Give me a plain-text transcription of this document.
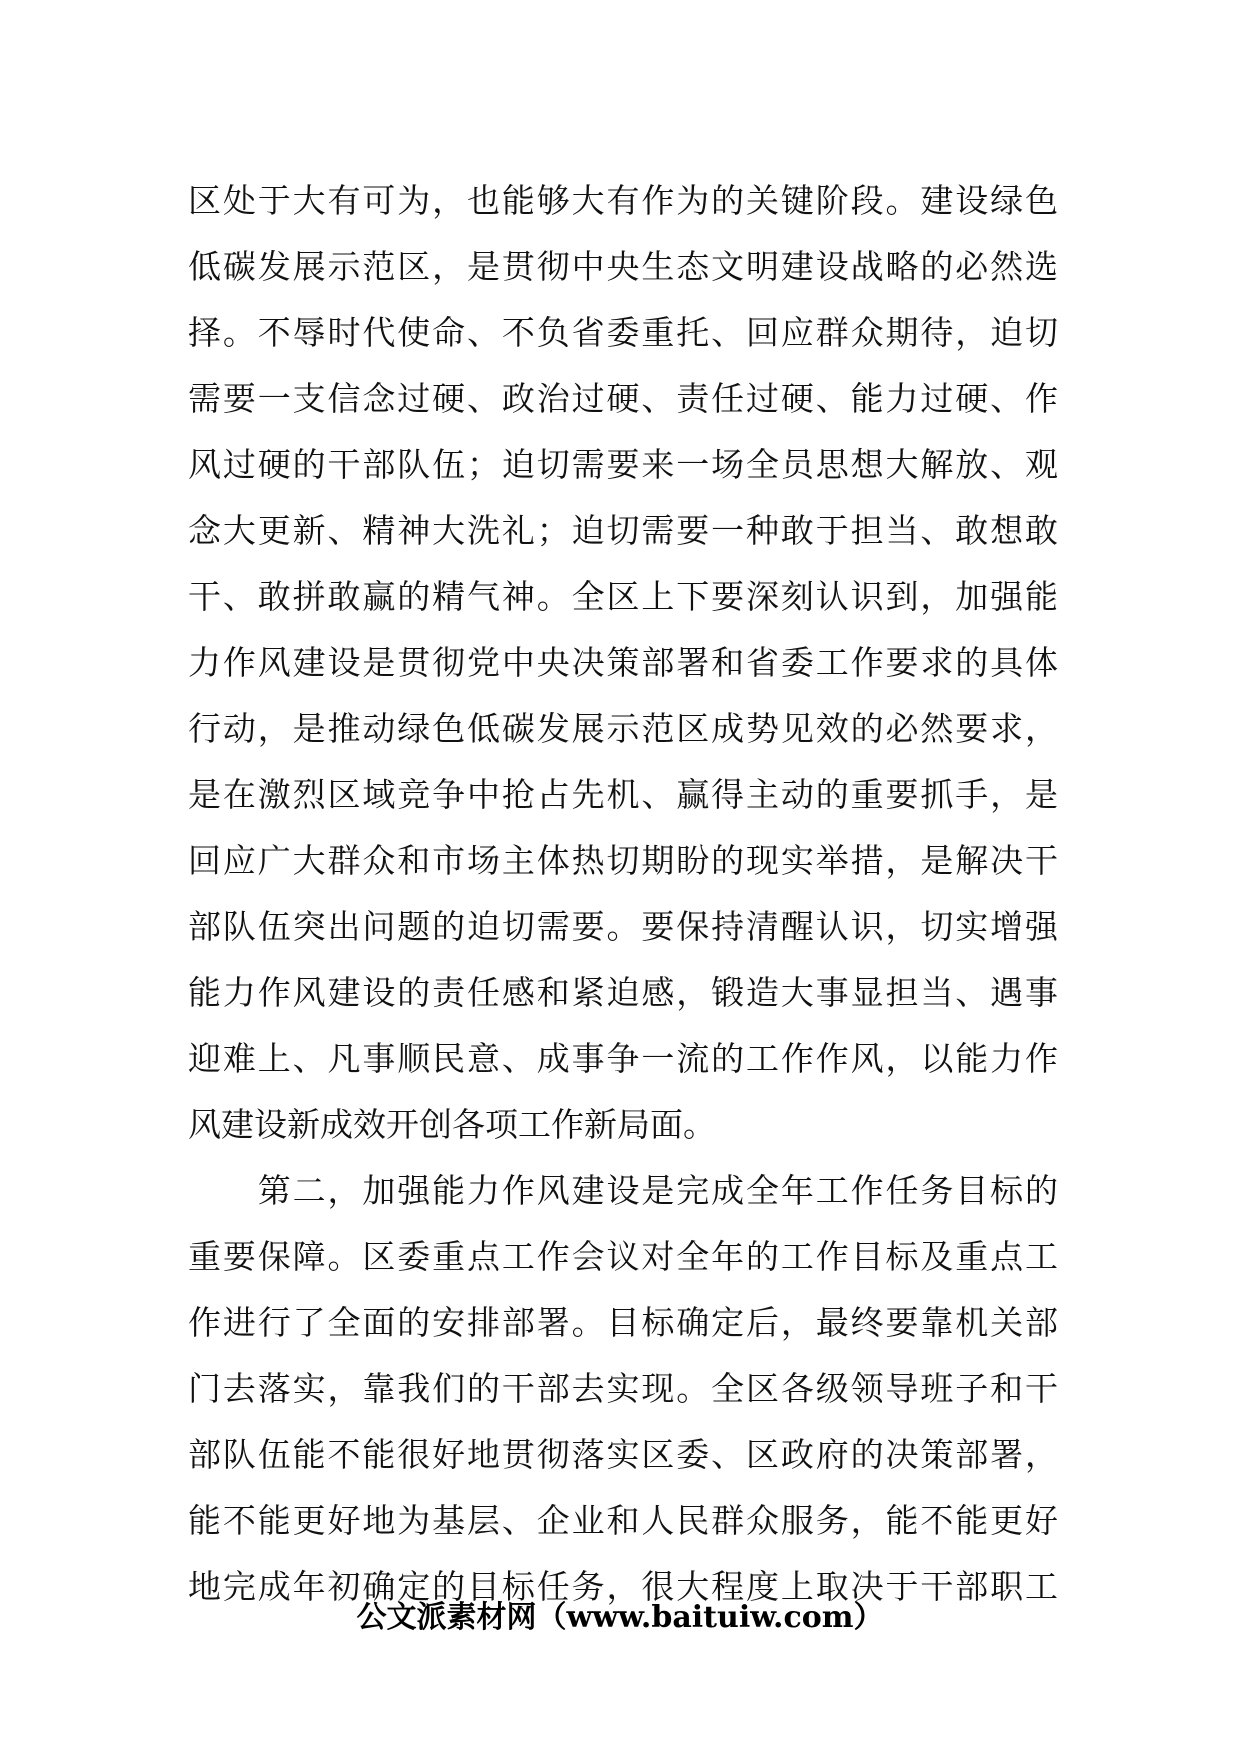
区处于大有可为，也能够大有作为的关键阶段。建设绿色
低碳发展示范区，是贯彻中央生态文明建设战略的必然选
择。不辱时代使命、不负省委重托、回应群众期待，迫切
需要一支信念过硬、政治过硬、责任过硬、能力过硬、作
风过硬的干部队伍；迫切需要来一场全员思想大解放、观
念大更新、精神大洗礼；迫切需要一种敢于担当、敢想敢
干、敢拼敢赢的精气神。全区上下要深刻认识到，加强能
力作风建设是贯彻党中央决策部署和省委工作要求的具体
行动，是推动绿色低碳发展示范区成势见效的必然要求，
是在激烈区域竞争中抢占先机、赢得主动的重要抓手，是
回应广大群众和市场主体热切期盼的现实举措，是解决干
部队伍突出问题的迫切需要。要保持清醒认识，切实增强
能力作风建设的责任感和紧迫感，锻造大事显担当、遇事
迎难上、凡事顺民意、成事争一流的工作作风，以能力作
风建设新成效开创各项工作新局面。
　　第二，加强能力作风建设是完成全年工作任务目标的
重要保障。区委重点工作会议对全年的工作目标及重点工
作进行了全面的安排部署。目标确定后，最终要靠机关部
门去落实，靠我们的干部去实现。全区各级领导班子和干
部队伍能不能很好地贯彻落实区委、区政府的决策部署，
能不能更好地为基层、企业和人民群众服务，能不能更好
地完成年初确定的目标任务，很大程度上取决于干部职工
公文派素材网（www.baituiw.com）
